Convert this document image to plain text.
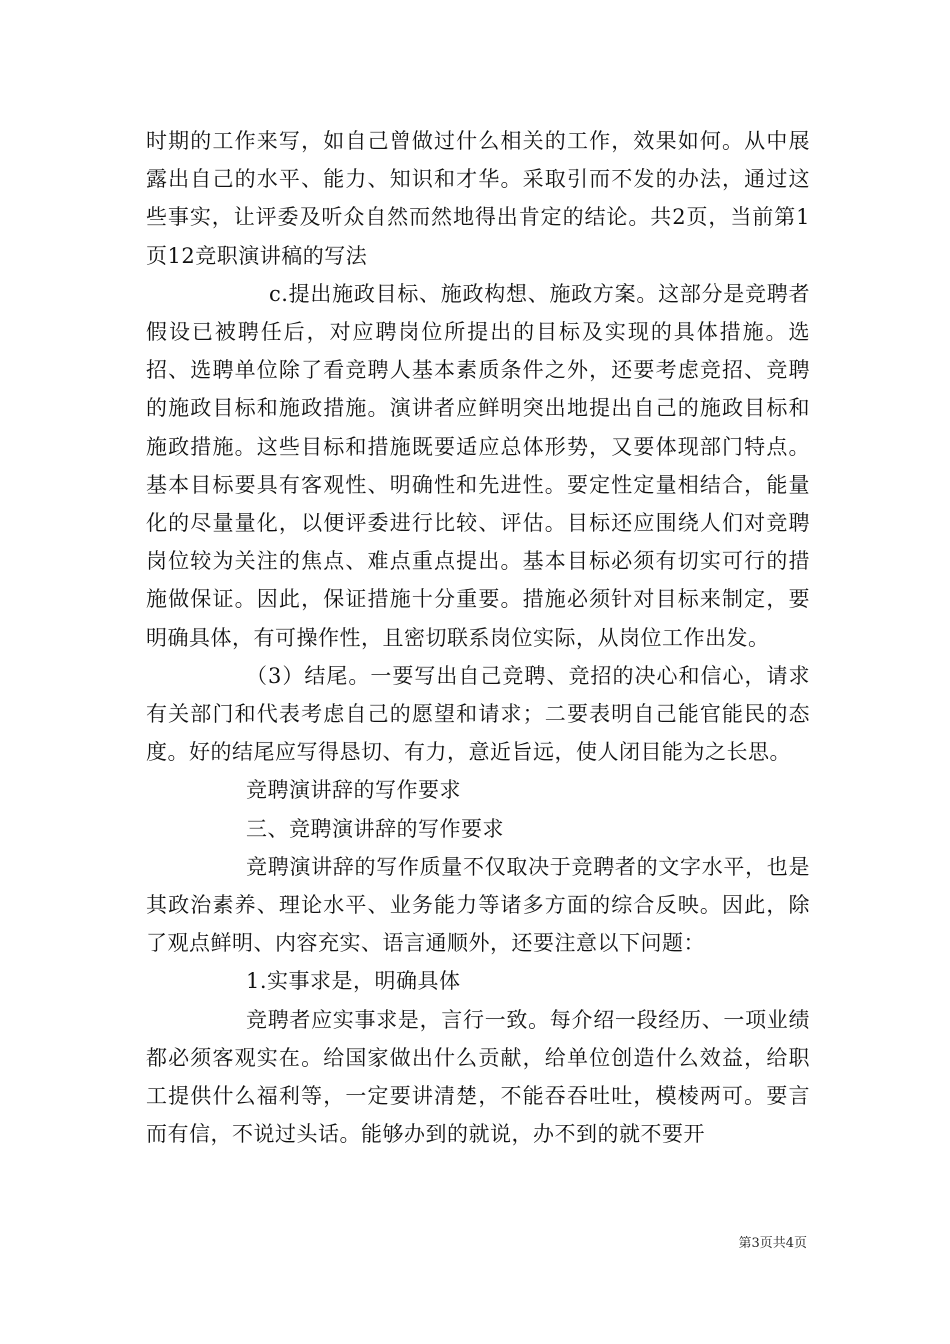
时期的工作来写，如自己曾做过什么相关的工作，效果如何。从中展露出自己的水平、能力、知识和才华。采取引而不发的办法，通过这些事实，让评委及听众自然而然地得出肯定的结论。共2页，当前第1页12竞职演讲稿的写法

c.提出施政目标、施政构想、施政方案。这部分是竞聘者假设已被聘任后，对应聘岗位所提出的目标及实现的具体措施。选招、选聘单位除了看竞聘人基本素质条件之外，还要考虑竞招、竞聘的施政目标和施政措施。演讲者应鲜明突出地提出自己的施政目标和施政措施。这些目标和措施既要适应总体形势，又要体现部门特点。基本目标要具有客观性、明确性和先进性。要定性定量相结合，能量化的尽量量化，以便评委进行比较、评估。目标还应围绕人们对竞聘岗位较为关注的焦点、难点重点提出。基本目标必须有切实可行的措施做保证。因此，保证措施十分重要。措施必须针对目标来制定，要明确具体，有可操作性，且密切联系岗位实际，从岗位工作出发。

（3）结尾。一要写出自己竞聘、竞招的决心和信心，请求有关部门和代表考虑自己的愿望和请求；二要表明自己能官能民的态度。好的结尾应写得恳切、有力，意近旨远，使人闭目能为之长思。

竞聘演讲辞的写作要求

三、竞聘演讲辞的写作要求

竞聘演讲辞的写作质量不仅取决于竞聘者的文字水平，也是其政治素养、理论水平、业务能力等诸多方面的综合反映。因此，除了观点鲜明、内容充实、语言通顺外，还要注意以下问题：

1.实事求是，明确具体

竞聘者应实事求是，言行一致。每介绍一段经历、一项业绩都必须客观实在。给国家做出什么贡献，给单位创造什么效益，给职工提供什么福利等，一定要讲清楚，不能吞吞吐吐，模棱两可。要言而有信，不说过头话。能够办到的就说，办不到的就不要开

第3页共4页
